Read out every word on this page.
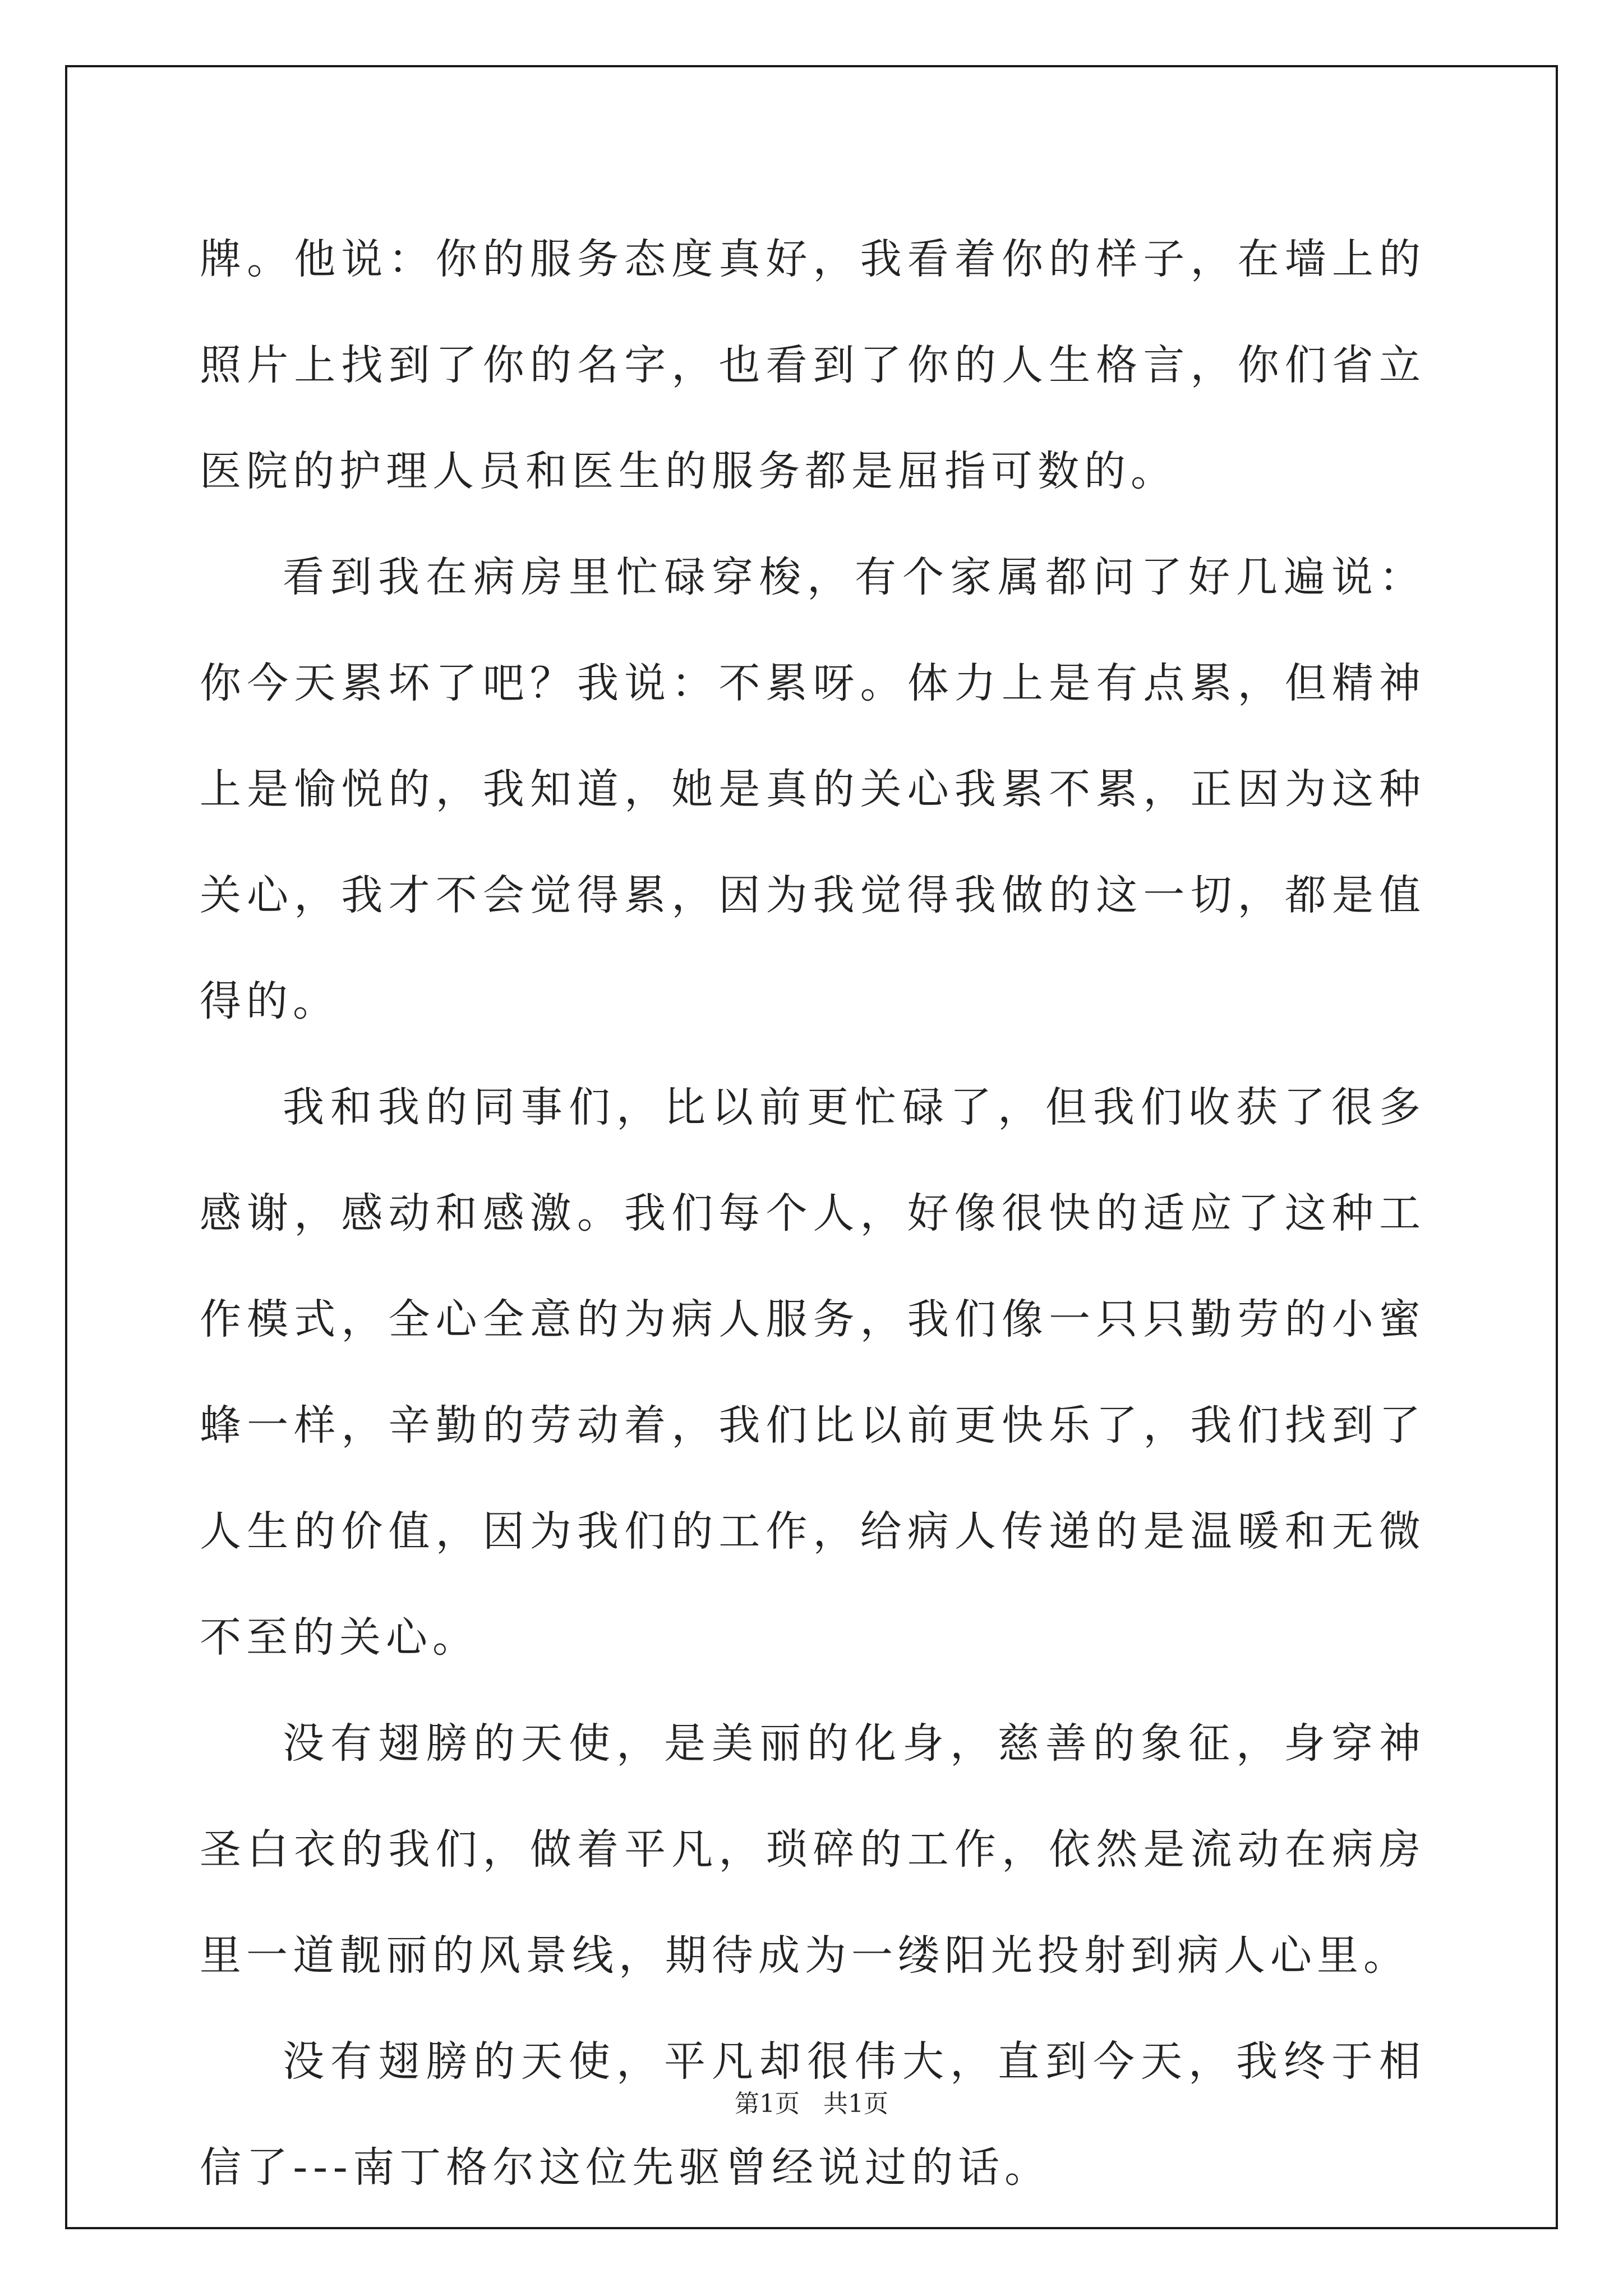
牌。他说：你的服务态度真好，我看着你的样子，在墙上的照片上找到了你的名字，也看到了你的人生格言，你们省立医院的护理人员和医生的服务都是屈指可数的。

看到我在病房里忙碌穿梭，有个家属都问了好几遍说：你今天累坏了吧？我说：不累呀。体力上是有点累，但精神上是愉悦的，我知道，她是真的关心我累不累，正因为这种关心，我才不会觉得累，因为我觉得我做的这一切，都是值得的。

我和我的同事们，比以前更忙碌了，但我们收获了很多感谢，感动和感激。我们每个人，好像很快的适应了这种工作模式，全心全意的为病人服务，我们像一只只勤劳的小蜜蜂一样，辛勤的劳动着，我们比以前更快乐了，我们找到了人生的价值，因为我们的工作，给病人传递的是温暖和无微不至的关心。

没有翅膀的天使，是美丽的化身，慈善的象征，身穿神圣白衣的我们，做着平凡，琐碎的工作，依然是流动在病房里一道靓丽的风景线，期待成为一缕阳光投射到病人心里。

没有翅膀的天使，平凡却很伟大，直到今天，我终于相信了---南丁格尔这位先驱曾经说过的话。

第1页   共1页
